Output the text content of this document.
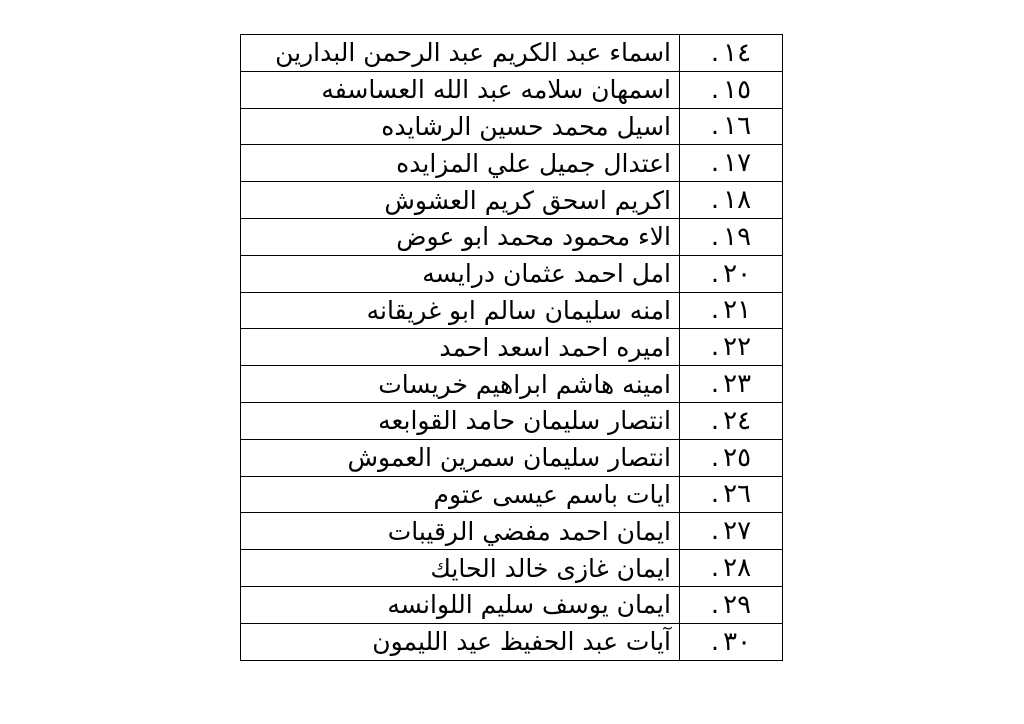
١٤.	اسماء عبد الكريم عبد الرحمن البدارين
١٥.	اسمهان سلامه عبد الله العساسفه
١٦.	اسيل محمد حسين الرشايده
١٧.	اعتدال جميل علي المزايده
١٨.	اكريم اسحق كريم العشوش
١٩.	الاء محمود محمد ابو عوض
٢٠.	امل احمد عثمان درايسه
٢١.	امنه سليمان سالم ابو غريقانه
٢٢.	اميره احمد اسعد احمد
٢٣.	امينه هاشم ابراهيم خريسات
٢٤.	انتصار سليمان حامد القوابعه
٢٥.	انتصار سليمان سمرين العموش
٢٦.	ايات باسم عيسى عتوم
٢٧.	ايمان احمد مفضي الرقيبات
٢٨.	ايمان غازى خالد الحايك
٢٩.	ايمان يوسف سليم اللوانسه
٣٠.	آيات عبد الحفيظ عيد الليمون
